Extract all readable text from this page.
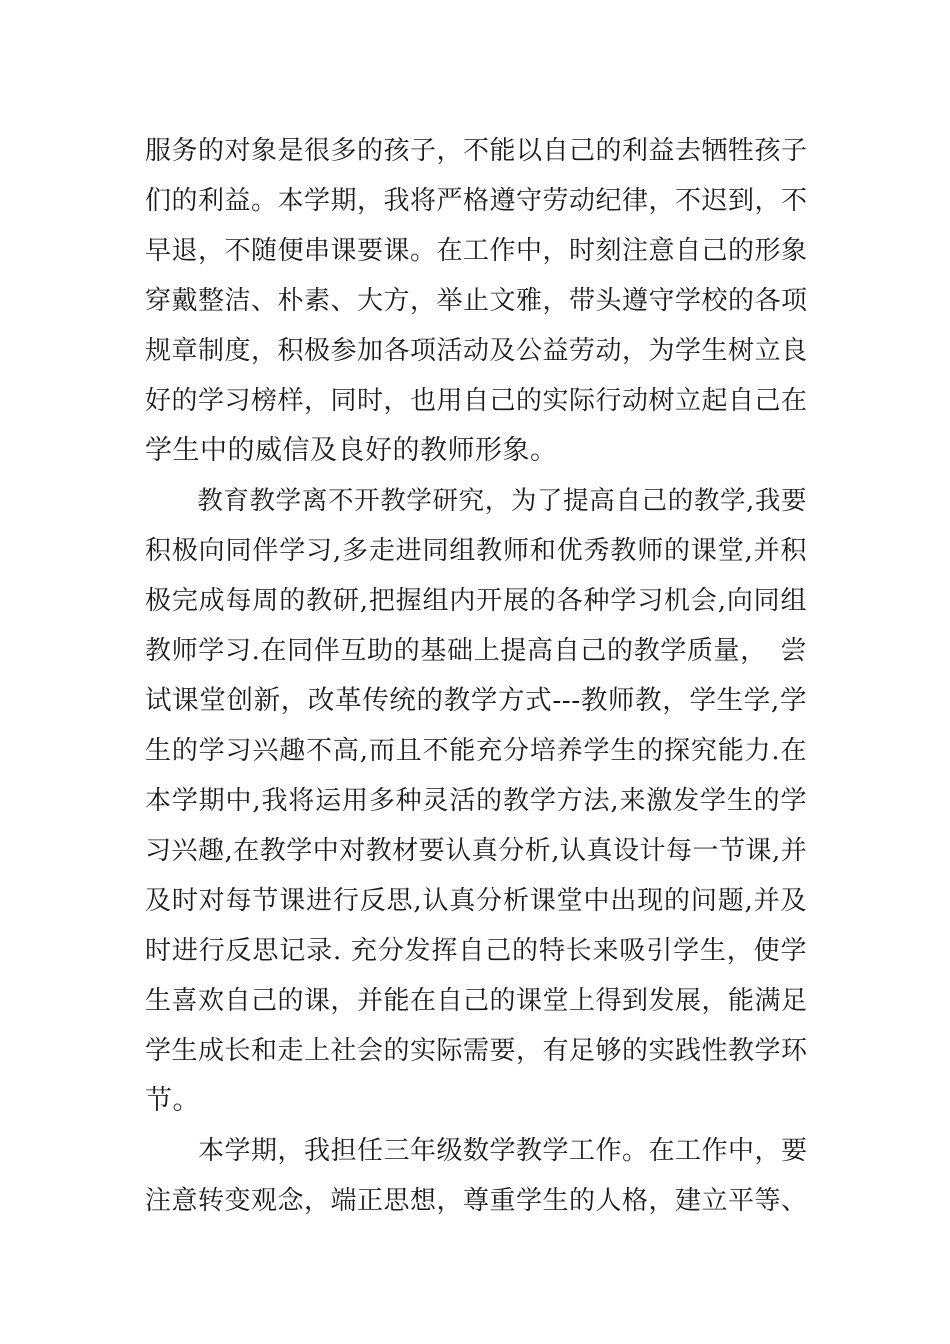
服务的对象是很多的孩子，不能以自己的利益去牺牲孩子
们的利益。本学期，我将严格遵守劳动纪律，不迟到，不
早退，不随便串课要课。在工作中，时刻注意自己的形象
穿戴整洁、朴素、大方，举止文雅，带头遵守学校的各项
规章制度，积极参加各项活动及公益劳动，为学生树立良
好的学习榜样，同时，也用自己的实际行动树立起自己在
学生中的威信及良好的教师形象。
　　教育教学离不开教学研究，为了提高自己的教学,我要
积极向同伴学习,多走进同组教师和优秀教师的课堂,并积
极完成每周的教研,把握组内开展的各种学习机会,向同组
教师学习.在同伴互助的基础上提高自己的教学质量，　尝
试课堂创新，改革传统的教学方式---教师教，学生学,学
生的学习兴趣不高,而且不能充分培养学生的探究能力.在
本学期中,我将运用多种灵活的教学方法,来激发学生的学
习兴趣,在教学中对教材要认真分析,认真设计每一节课,并
及时对每节课进行反思,认真分析课堂中出现的问题,并及
时进行反思记录. 充分发挥自己的特长来吸引学生，使学
生喜欢自己的课，并能在自己的课堂上得到发展，能满足
学生成长和走上社会的实际需要，有足够的实践性教学环
节。
　　本学期，我担任三年级数学教学工作。在工作中，要
注意转变观念，端正思想，尊重学生的人格，建立平等、
